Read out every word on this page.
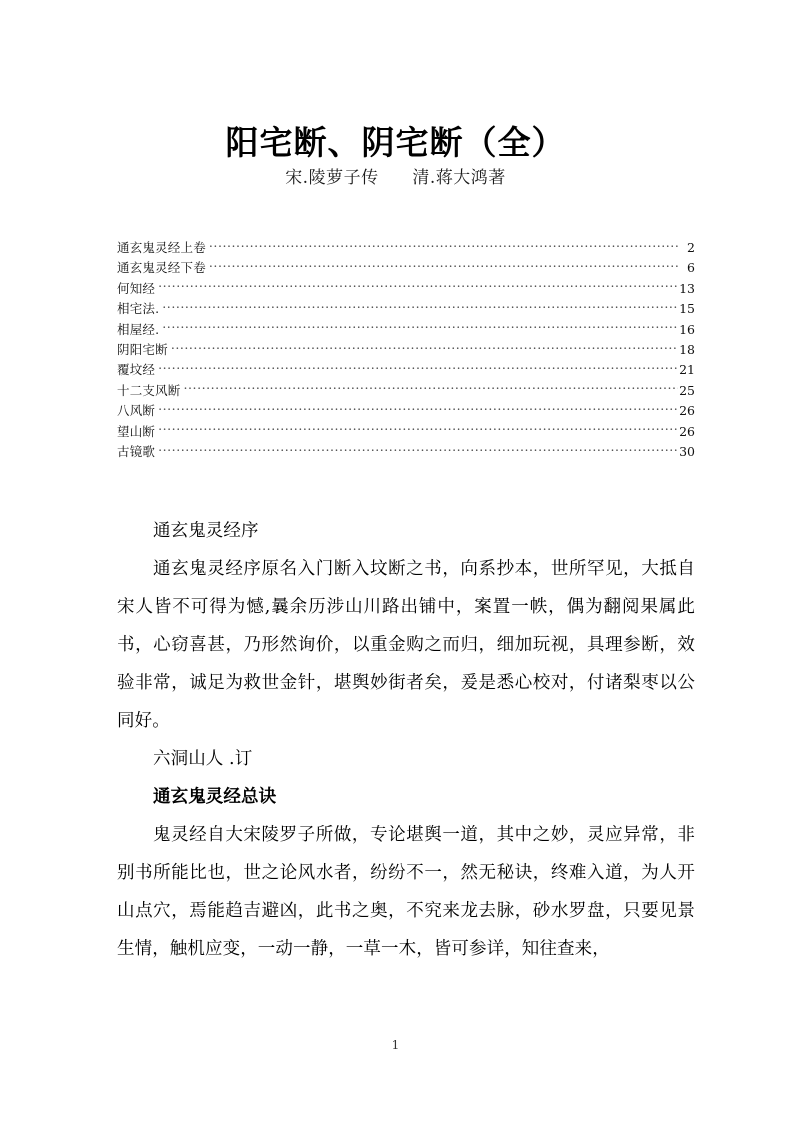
阳宅断、阴宅断（全）
宋.陵萝子传 清.蒋大鸿著
通玄鬼灵经上卷 .....	2
通玄鬼灵经下卷 .....	6
何知经 .....	13
相宅法. .....	15
相屋经. .....	16
阴阳宅断 .....	18
覆坟经 .....	21
十二支风断 .....	25
八风断 .....	26
望山断 .....	26
古镜歌 .....	30

通玄鬼灵经序

通玄鬼灵经序原名入门断入坟断之书，向系抄本，世所罕见，大抵自宋人皆不可得为憾,曩余历涉山川路出铺中，案置一帙，偶为翻阅果属此书，心窃喜甚，乃形然询价，以重金购之而归，细加玩视，具理参断，效验非常，诚足为救世金针，堪舆妙街者矣，爰是悉心校对，付诸梨枣以公同好。

六洞山人 .订

通玄鬼灵经总诀

鬼灵经自大宋陵罗子所做，专论堪舆一道，其中之妙，灵应异常，非别书所能比也，世之论风水者，纷纷不一，然无秘诀，终难入道，为人开山点穴，焉能趋吉避凶，此书之奥，不究来龙去脉，砂水罗盘，只要见景生情，触机应变，一动一静，一草一木，皆可参详，知往查来，

1
